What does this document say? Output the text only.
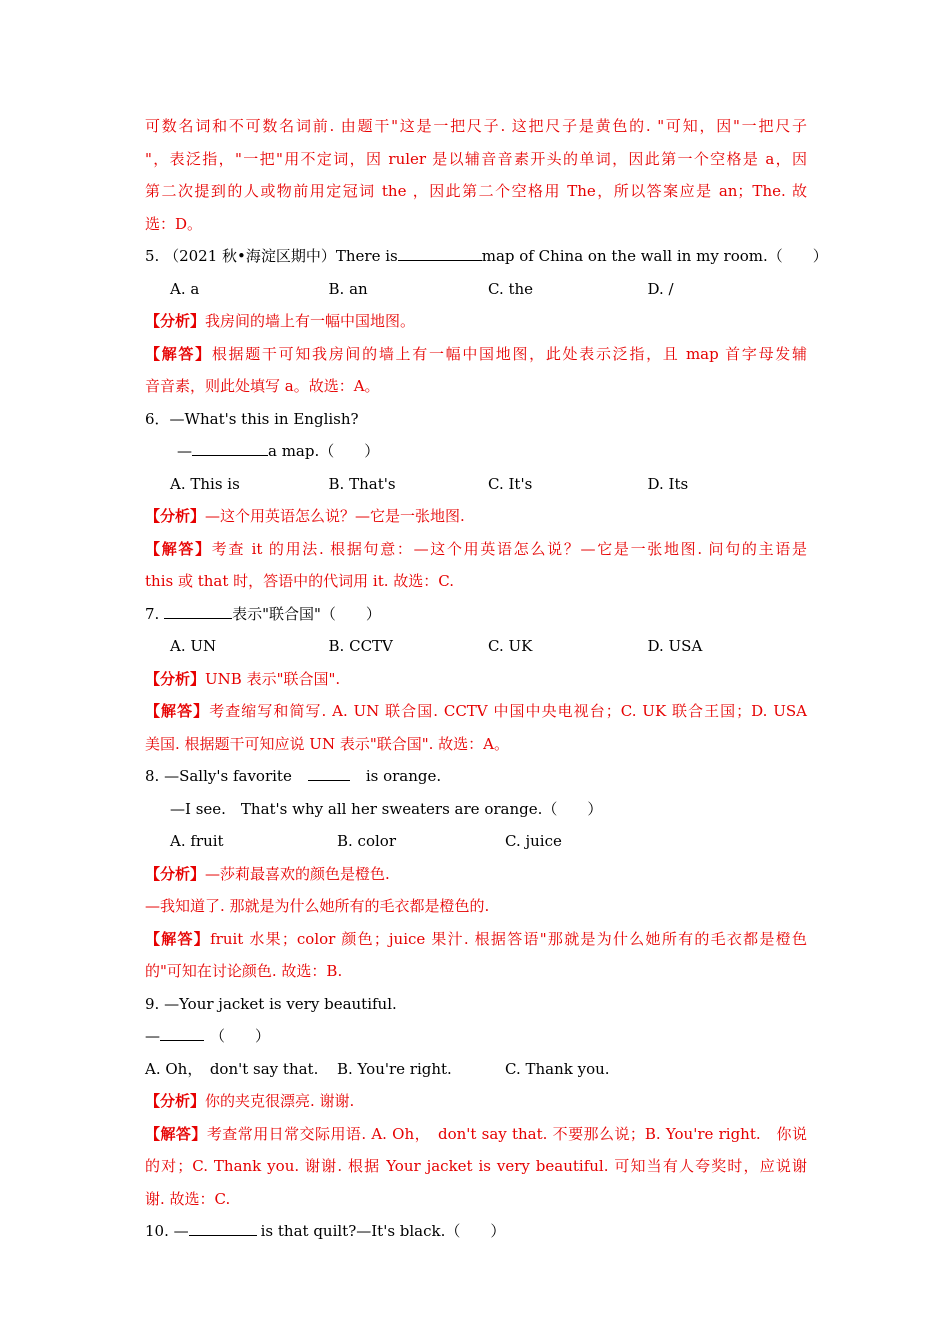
可数名词和不可数名词前. 由题干"这是一把尺子. 这把尺子是黄色的. "可知，因"一把尺子
"，表泛指，"一把"用不定词，因 ruler 是以辅音音素开头的单词，因此第一个空格是 a，因
第二次提到的人或物前用定冠词 the ，因此第二个空格用 The，所以答案应是 an；The. 故
选：D。
5. （2021 秋•海淀区期中）There is	map of China on the wall in my room.（　　）
A. a	B. an	C. the	D. /
【分析】我房间的墙上有一幅中国地图。
【解答】根据题干可知我房间的墙上有一幅中国地图，此处表示泛指，且 map 首字母发辅
音音素，则此处填写 a。故选：A。
6．—What's this in English?
—	a map.（　　）
A. This is	B. That's	C. It's	D. Its
【分析】—这个用英语怎么说？—它是一张地图.
【解答】考查 it 的用法. 根据句意：—这个用英语怎么说？—它是一张地图. 问句的主语是
this 或 that 时，答语中的代词用 it. 故选：C.
7.	表示"联合国"（　　）
A. UN	B. CCTV	C. UK	D. USA
【分析】UNB 表示"联合国".
【解答】考查缩写和简写. A. UN 联合国. CCTV 中国中央电视台；C. UK 联合王国；D. USA
美国. 根据题干可知应说 UN 表示"联合国". 故选：A。
8. —Sally's favorite	is orange.
—I see.　That's why all her sweaters are orange.（　　）
A. fruit	B. color	C. juice
【分析】—莎莉最喜欢的颜色是橙色.
—我知道了. 那就是为什么她所有的毛衣都是橙色的.
【解答】fruit 水果；color 颜色；juice 果汁. 根据答语"那就是为什么她所有的毛衣都是橙色
的"可知在讨论颜色. 故选：B.
9. —Your jacket is very beautiful.
—	（　　）
A. Oh，　don't say that.	B. You're right.	C. Thank you.
【分析】你的夹克很漂亮. 谢谢.
【解答】考查常用日常交际用语. A. Oh，　don't say that. 不要那么说；B. You're right.　你说
的对；C. Thank you. 谢谢. 根据 Your jacket is very beautiful. 可知当有人夸奖时，应说谢
谢. 故选：C.
10. —	is that quilt?—It's black.（　　）
